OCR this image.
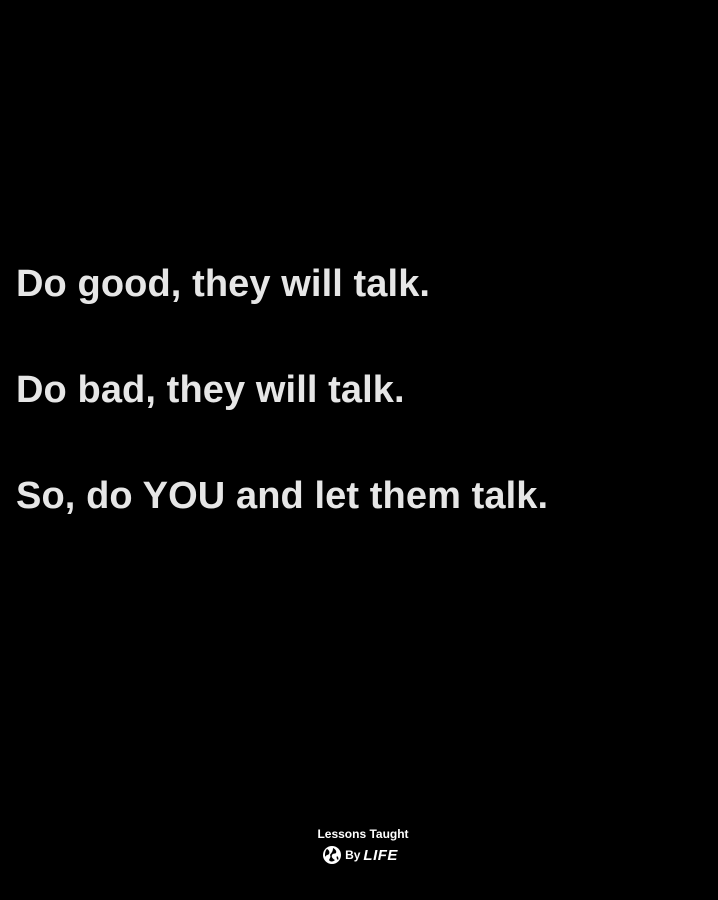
Do good, they will talk.

Do bad, they will talk.

So, do YOU and let them talk.

Lessons Taught
By LIFE
